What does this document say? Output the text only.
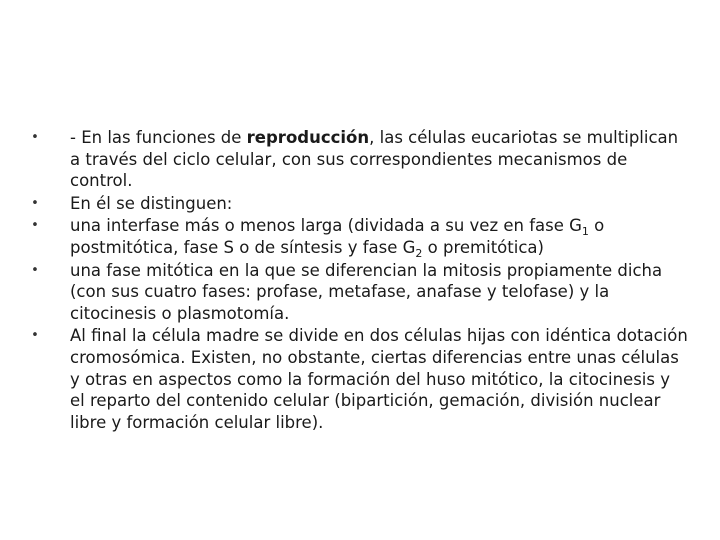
• - En las funciones de reproducción, las células eucariotas se multiplican a través del ciclo celular, con sus correspondientes mecanismos de control.
• En él se distinguen:
• una interfase más o menos larga (dividada a su vez en fase $G_1$ o postmitótica, fase S o de síntesis y fase $G_2$ o premitótica)
• una fase mitótica en la que se diferencian la mitosis propiamente dicha (con sus cuatro fases: profase, metafase, anafase y telofase) y la citocinesis o plasmotomía.
• Al final la célula madre se divide en dos células hijas con idéntica dotación cromosómica. Existen, no obstante, ciertas diferencias entre unas células y otras en aspectos como la formación del huso mitótico, la citocinesis y el reparto del contenido celular (bipartición, gemación, división nuclear libre y formación celular libre).
